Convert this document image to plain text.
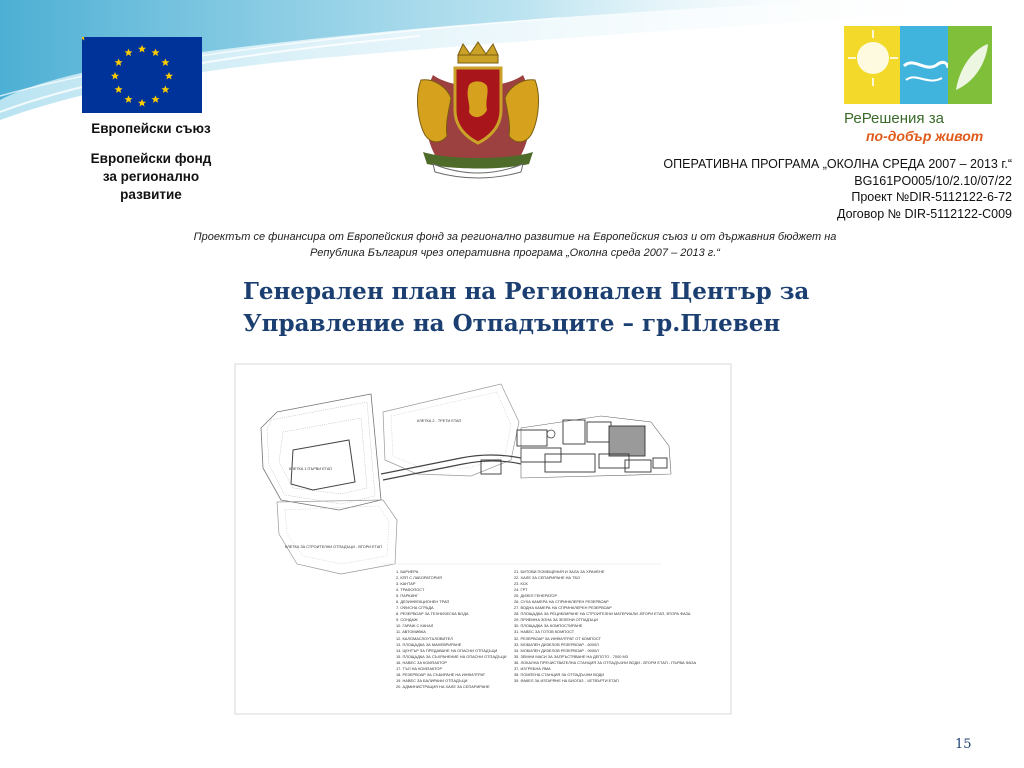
Европейски съюз
Европейски фонд
за регионално
развитие
РеРешения за
по-добър живот
ОПЕРАТИВНА ПРОГРАМА „ОКОЛНА СРЕДА 2007 – 2013 г.“
BG161PO005/10/2.10/07/22
Проект №DIR-5112122-6-72
Договор № DIR-5112122-С009
Проектът се финансира от Европейския фонд за регионално развитие на Европейския съюз и от държавния бюджет на
Република България чрез оперативна програма „Околна среда 2007 – 2013 г.“
Генерален план на Регионален Център за
Управление на Отпадъците – гр.Плевен
КЛЕТКА 1 ПЪРВИ ЕТАП
КЛЕТКА 2 - ТРЕТИ ЕТАП
КЛЕТКА ЗА СТРОИТЕЛНИ ОТПАДЪЦИ - ВТОРИ ЕТАП
1. БАРИЕРА
2. КПП С ЛАБОРАТОРИЯ
3. КАНТАР
4. ТРАФОПОСТ
5. ПАРКИНГ
6. ДЕЗИНФЕКЦИОНЕН ТРАП
7. ОФИСНА СГРАДА
8. РЕЗЕРВОАР ЗА ТЕХНИЧЕСКА ВОДА
9. СОНДАЖ
10. ГАРАЖ С КАНАЛ
11. АВТОМИВКА
12. КАЛОМАСЛОУТАЛОВИТЕЛ
13. ПЛОЩАДКА ЗА МАНЕВРИРАНЕ
14. ЦЕНТЪР ЗА ПРЕДАВАНЕ НА ОПАСНИ ОТПАДЪЦИ
15. ПЛОЩАДКА ЗА СЪХРАНЕНИЕ НА ОПАСНИ ОТПАДЪЦИ
16. НАВЕС ЗА КОМПАКТОР
17. ТЪЛ НА КОМПАКТОР
18. РЕЗЕРВОАР ЗА СЪБИРАНЕ НА ИНФИЛТРАТ
19. НАВЕС ЗА БАЛИРАНИ ОТПАДЪЦИ
20. АДМИНИСТРАЦИЯ НА ХАЛЕ ЗА СЕПАРИРАНЕ
21. БИТОВИ ПОМЕЩЕНИЯ И ЗАЛА ЗА ХРАНЕНЕ
22. ХАЛЕ ЗА СЕПАРИРАНЕ НА ТБО
23. КСК
24. ГРТ
25. ДИЗЕЛ ГЕНЕРАТОР
26. СУХА КАМЕРА НА СПРИНКЛЕРЕН РЕЗЕРВОАР
27. ВОДНА КАМЕРА НА СПРИНКЛЕРЕН РЕЗЕРВОАР
28. ПЛОЩАДКА ЗА РЕЦИКЛИРАНЕ НА СТРОИТЕЛНИ МАТЕРИАЛИ -ВТОРИ ЕТАП, ВТОРА ФАЗА
29. ПРИЕМНА ЗОНА ЗА ЗЕЛЕНИ ОТПАДЪЦИ
30. ПЛОЩАДКА ЗА КОМПОСТИРАНЕ
31. НАВЕС ЗА ГОТОВ КОМПОСТ
32. РЕЗЕРВОАР ЗА ИНФИЛТРАТ ОТ КОМПОСТ
33. МОБИЛЕН ДИЗЕЛОВ РЕЗЕРВОАР - 6000Л
34. МОБИЛЕН ДИЗЕЛОВ РЕЗЕРВОАР - 9000Л
35. ЗЕМНИ МАСИ ЗА ЗАПРЪСТЯВАНЕ НА ДЕПОТО - 7000 М3
36. ЛОКАЛНА ПРЕЧИСТВАТЕЛНА СТАНЦИЯ ЗА ОТПАДЪЧНИ ВОДИ - ВТОРИ ЕТАП - ПЪРВА ФАЗА
37. ИЗГРЕБНА ЯМА
38. ПОМПЕНА СТАНЦИЯ ЗА ОТПАДЪЧНИ ВОДИ
39. ФАКЕЛ ЗА ИЗГАРЯНЕ НА БИОГАЗ - ЧЕТВЪРТИ ЕТАП
15
